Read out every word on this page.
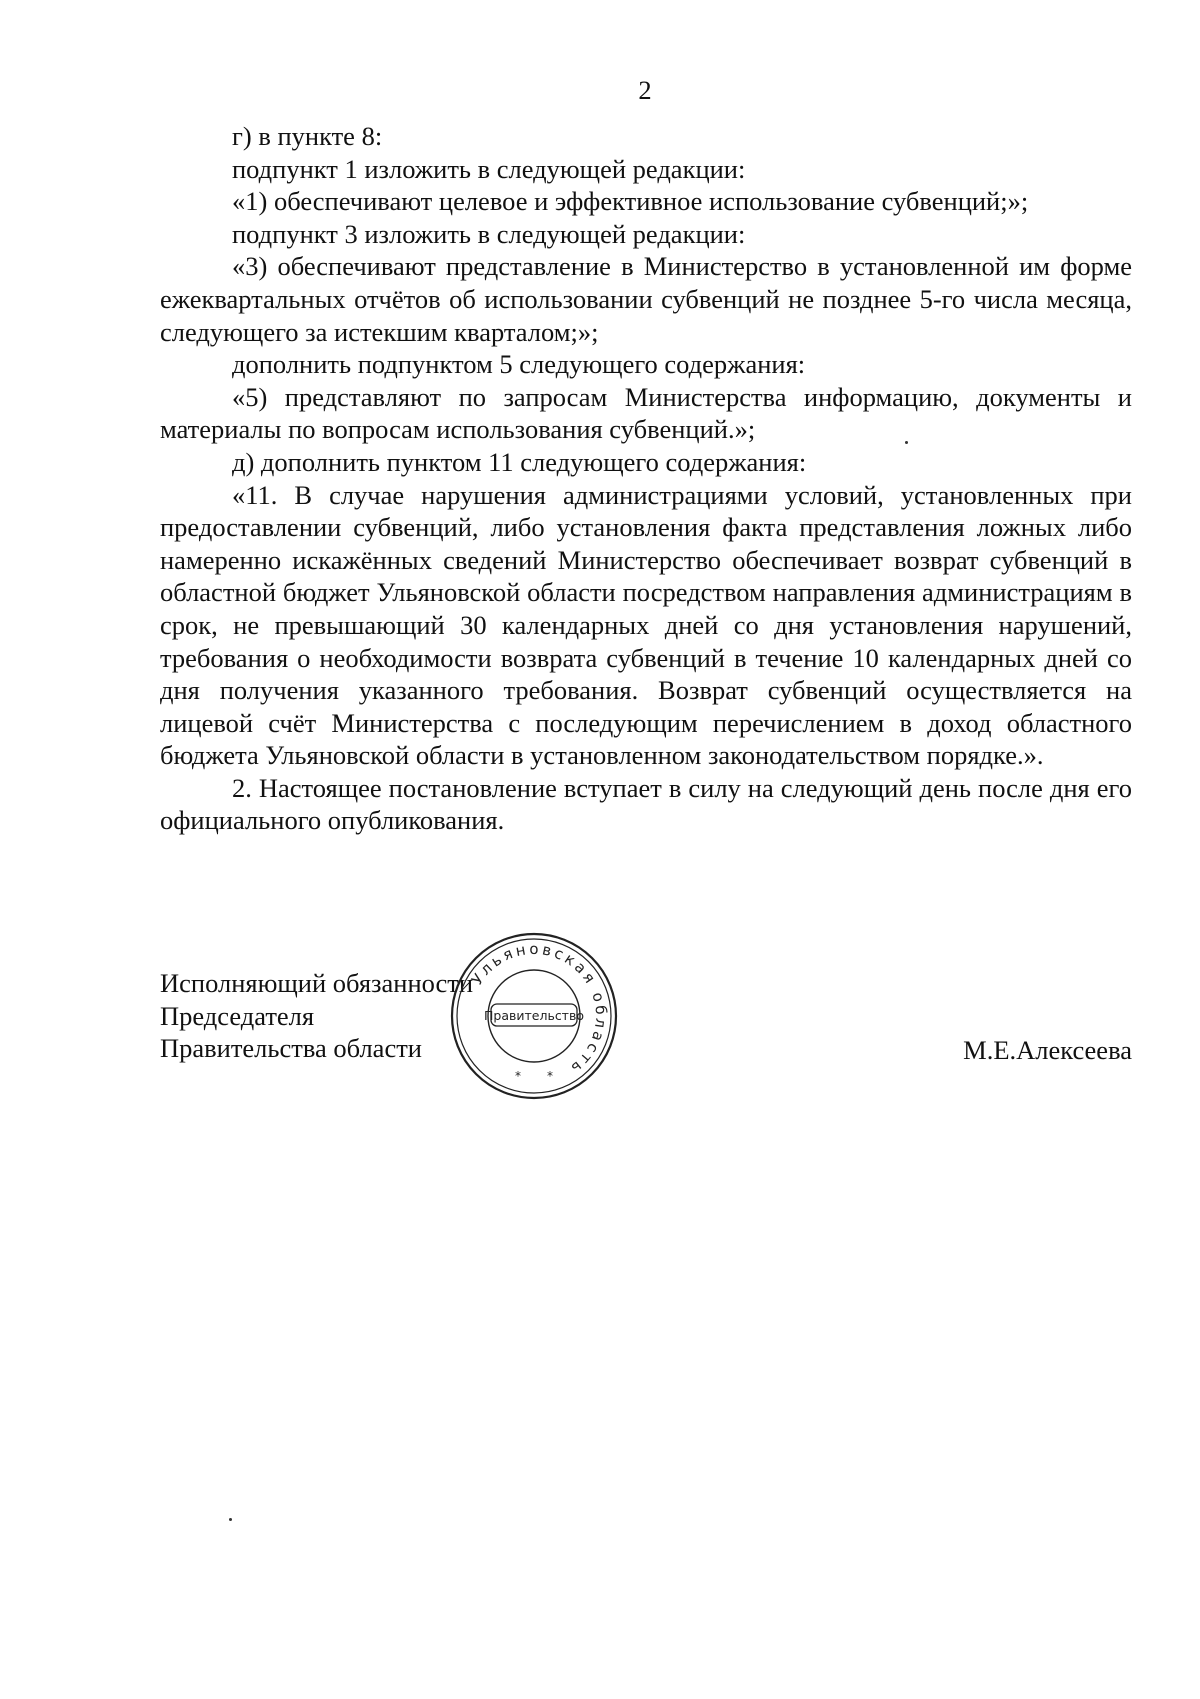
2

г) в пункте 8:

подпункт 1 изложить в следующей редакции:

«1) обеспечивают целевое и эффективное использование субвенций;»;

подпункт 3 изложить в следующей редакции:

«3) обеспечивают представление в Министерство в установленной им форме ежеквартальных отчётов об использовании субвенций не позднее 5-го числа месяца, следующего за истекшим кварталом;»;

дополнить подпунктом 5 следующего содержания:

«5) представляют по запросам Министерства информацию, документы и материалы по вопросам использования субвенций.»;

д) дополнить пунктом 11 следующего содержания:

«11. В случае нарушения администрациями условий, установленных при предоставлении субвенций, либо установления факта представления ложных либо намеренно искажённых сведений Министерство обеспечивает возврат субвенций в областной бюджет Ульяновской области посредством направления администрациям в срок, не превышающий 30 календарных дней со дня установления нарушений, требования о необходимости возврата субвенций в течение 10 календарных дней со дня получения указанного требования. Возврат субвенций осуществляется на лицевой счёт Министерства с последующим перечислением в доход областного бюджета Ульяновской области в установленном законодательством порядке.».

2. Настоящее постановление вступает в силу на следующий день после дня его официального опубликования.

Исполняющий обязанности
Председателя
Правительства области
Ульяновская область
Правительство
* *
М.Е.Алексеева
